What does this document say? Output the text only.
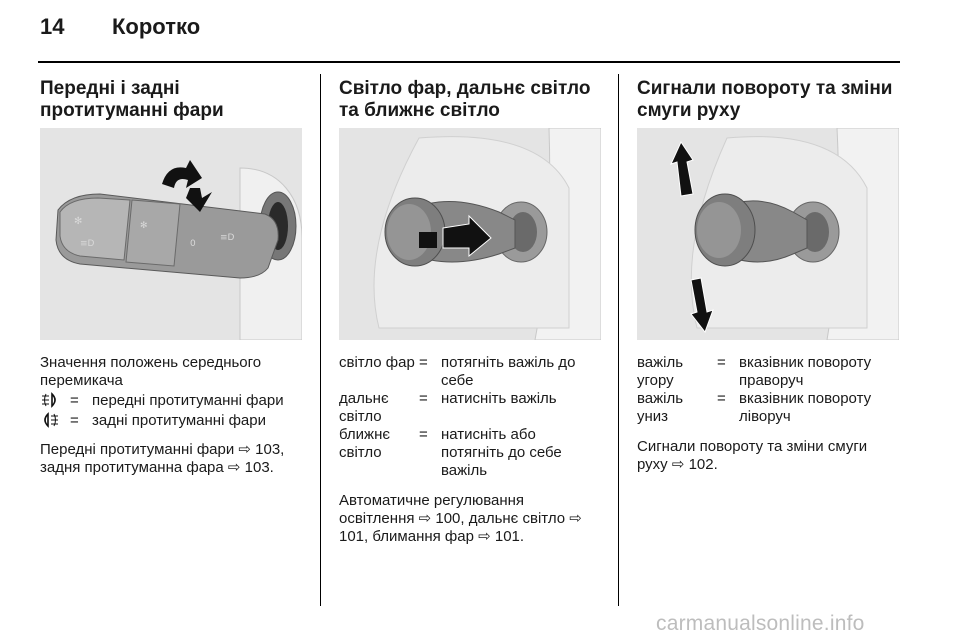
14 Коротко
Передні і задні протитуманні фари
✻
≡D
✻
0
≡D
Значення положень середнього перемикача
= передні протитуманні фари
= задні протитуманні фари
Передні протитуманні фари ⇨ 103, задня протитуманна фара ⇨ 103.
Світло фар, дальнє світло та ближнє світло
світло фар = потягніть важіль до себе
дальнє світло
= натисніть важіль
ближнє світло
= натисніть або потягніть до себе важіль
Автоматичне регулювання освітлення ⇨ 100, дальнє світло ⇨ 101, блимання фар ⇨ 101.
Сигнали повороту та зміни смуги руху
важіль угору
= вказівник повороту праворуч
важіль униз
= вказівник повороту ліворуч
Сигнали повороту та зміни смуги руху ⇨ 102.
carmanualsonline.info
